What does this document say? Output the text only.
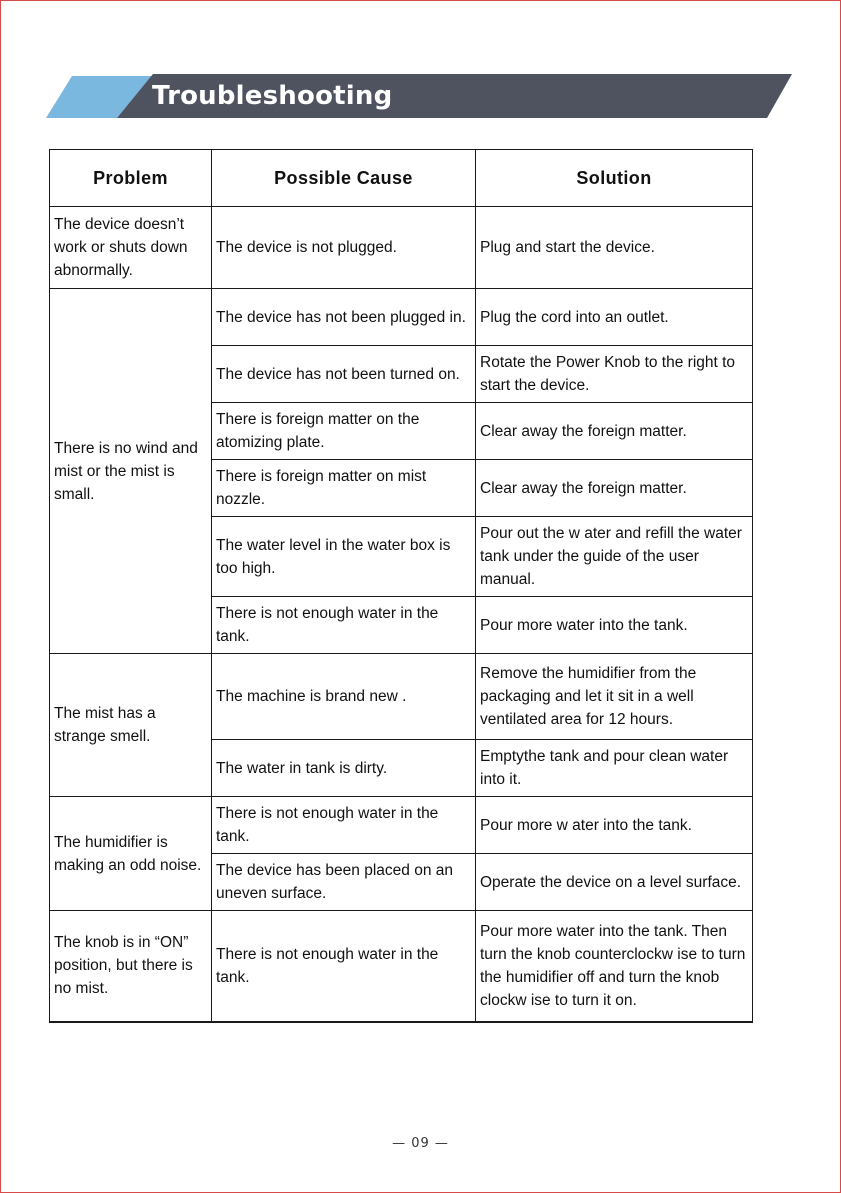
Troubleshooting
Problem	Possible Cause	Solution
The device doesn’t work or shuts down abnormally.	The device is not plugged.	Plug and start the device.
There is no wind and mist or the mist is small.	The device has not been plugged in.	Plug the cord into an outlet.
	The device has not been turned on.	Rotate the Power Knob to the right to start the device.
	There is foreign matter on the atomizing plate.	Clear away the foreign matter.
	There is foreign matter on mist nozzle.	Clear away the foreign matter.
	The water level in the water box is too high.	Pour out the w ater and refill the water tank under the guide of the user manual.
	There is not enough water in the tank.	Pour more water into the tank.
The mist has a strange smell.	The machine is brand new .	Remove the humidifier from the packaging and let it sit in a well ventilated area for 12 hours.
	The water in tank is dirty.	Emptythe tank and pour clean water into it.
The humidifier is making an odd noise.	There is not enough water in the tank.	Pour more w ater into the tank.
	The device has been placed on an uneven surface.	Operate the device on a level surface.
The knob is in “ON” position, but there is no mist.	There is not enough water in the tank.	Pour more water into the tank. Then turn the knob counterclockw ise to turn the humidifier off and turn the knob clockw ise to turn it on.
— 09 —
